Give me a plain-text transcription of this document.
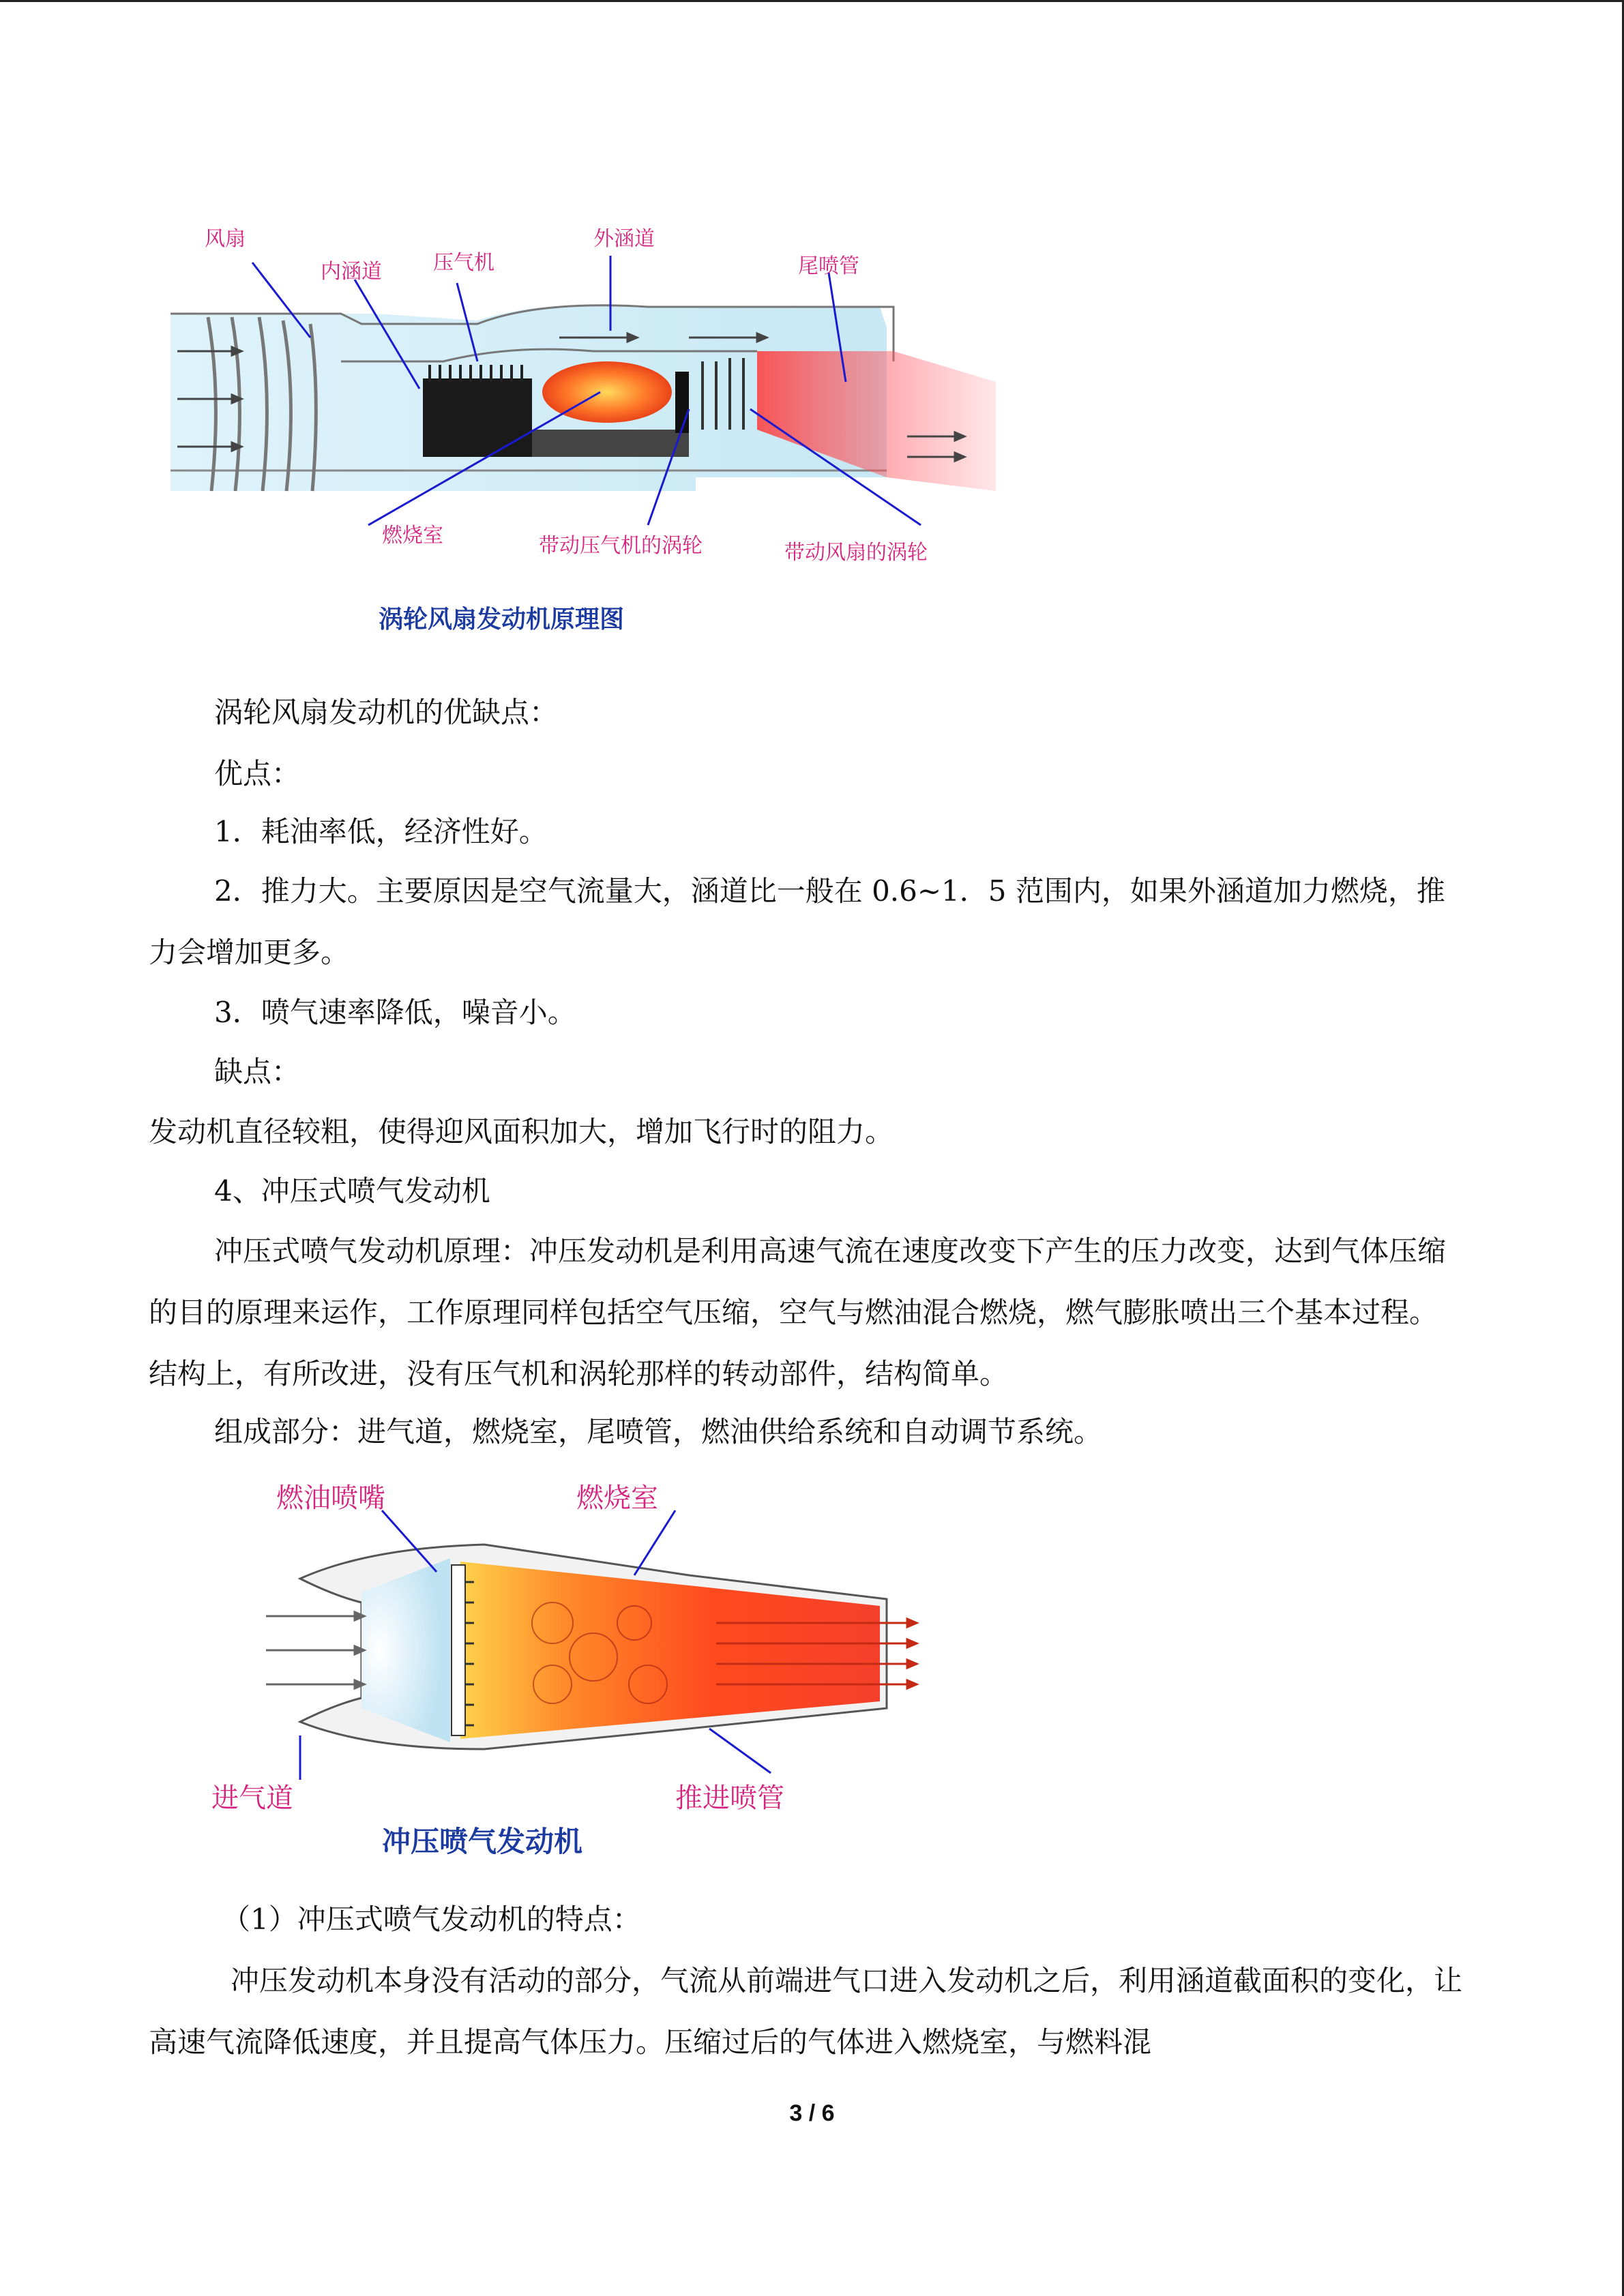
风扇
内涵道	压气机
外涵道
尾喷管
燃烧室	带动压气机的涡轮	带动风扇的涡轮
涡轮风扇发动机原理图

涡轮风扇发动机的优缺点：

优点：

1．耗油率低，经济性好。

2．推力大。主要原因是空气流量大，涵道比一般在 0.6~1．5 范围内，如果外涵道加力燃烧，推力会增加更多。

3．喷气速率降低，噪音小。

缺点：

发动机直径较粗，使得迎风面积加大，增加飞行时的阻力。

4、冲压式喷气发动机

冲压式喷气发动机原理：冲压发动机是利用高速气流在速度改变下产生的压力改变，达到气体压缩的目的原理来运作，工作原理同样包括空气压缩，空气与燃油混合燃烧，燃气膨胀喷出三个基本过程。结构上，有所改进，没有压气机和涡轮那样的转动部件，结构简单。

组成部分：进气道，燃烧室，尾喷管，燃油供给系统和自动调节系统。

燃油喷嘴	燃烧室
进气道	推进喷管
冲压喷气发动机

（1）冲压式喷气发动机的特点：

冲压发动机本身没有活动的部分，气流从前端进气口进入发动机之后，利用涵道截面积的变化，让高速气流降低速度，并且提高气体压力。压缩过后的气体进入燃烧室，与燃料混

3 / 6
